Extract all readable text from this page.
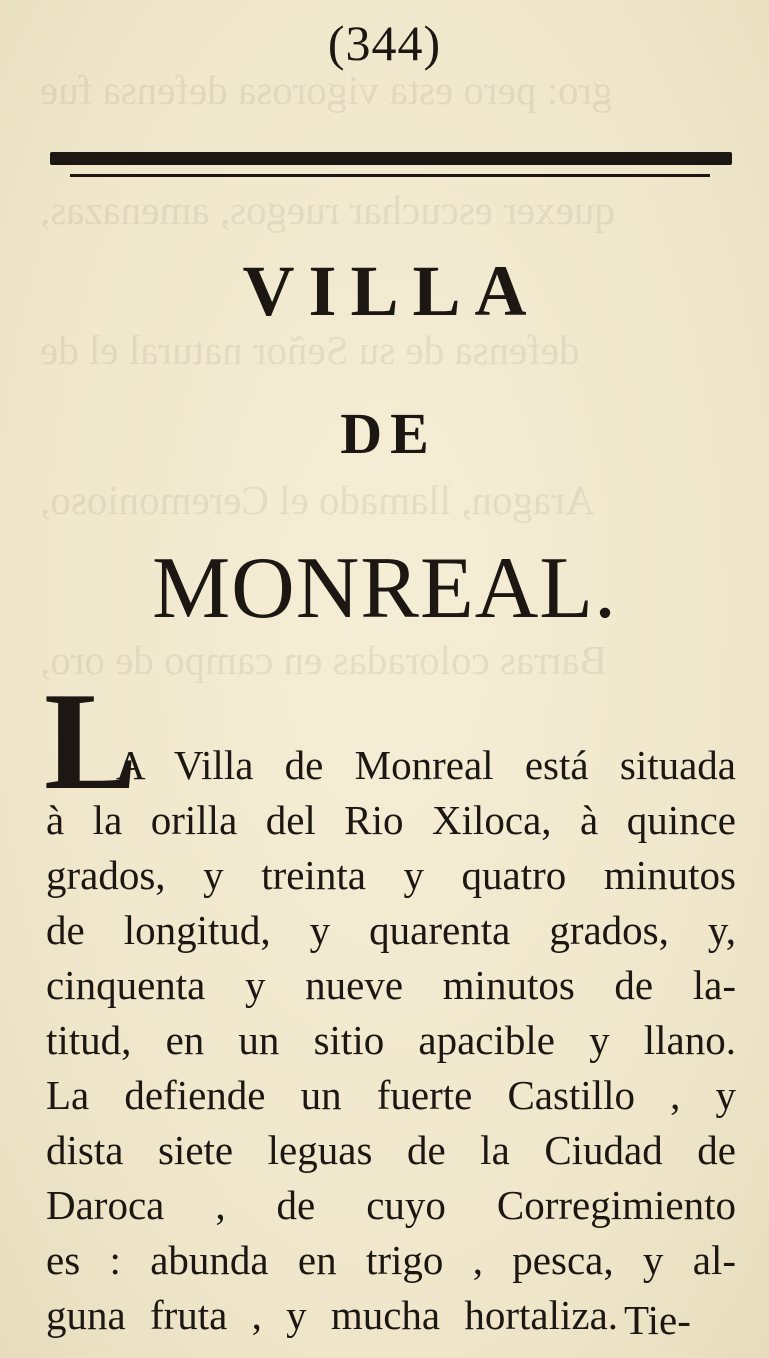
gro: pero esta vigorosa defensa fue
quexer escuchar ruegos, amenazas,
defensa de su Señor natural el de
Aragon, llamado el Ceremonioso,
Barras coloradas en campo de oro,
(344)
VILLA
DE
MONREAL.
L
A Villa de Monreal está situada
à la orilla del Rio Xiloca, à quince
grados, y treinta y quatro minutos
de longitud, y quarenta grados, y,
cinquenta y nueve minutos de la-
titud, en un sitio apacible y llano.
La defiende un fuerte Castillo , y
dista siete leguas de la Ciudad de
Daroca , de cuyo Corregimiento
es : abunda en trigo , pesca, y al-
guna fruta , y mucha hortaliza. Tie-
